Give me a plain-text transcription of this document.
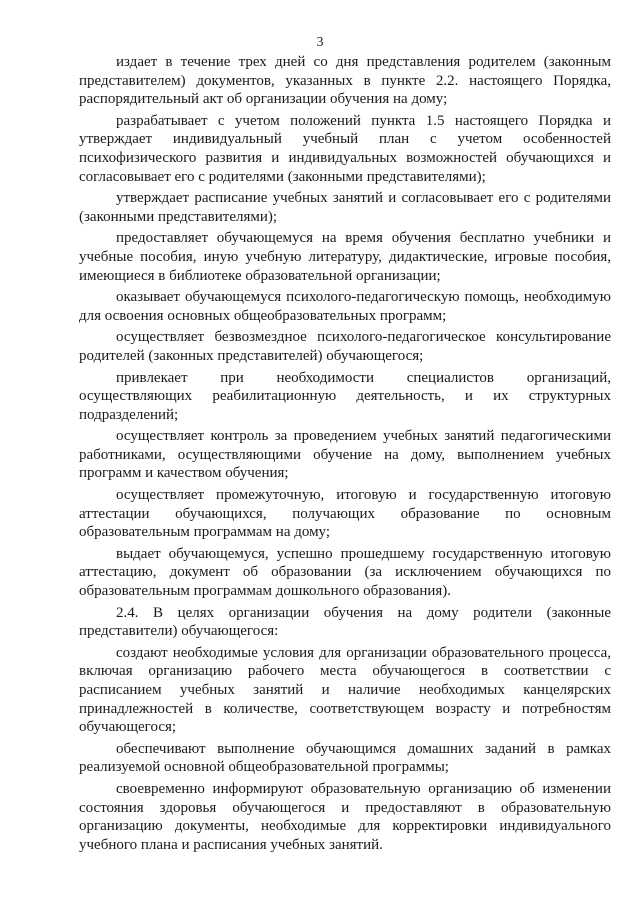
3

издает в течение трех дней со дня представления родителем (законным представителем) документов, указанных в пункте 2.2. настоящего Порядка, распорядительный акт об организации обучения на дому;

разрабатывает с учетом положений пункта 1.5 настоящего Порядка и утверждает индивидуальный учебный план с учетом особенностей психофизического развития и индивидуальных возможностей обучающихся и согласовывает его с родителями (законными представителями);

утверждает расписание учебных занятий и согласовывает его с родителями (законными представителями);

предоставляет обучающемуся на время обучения бесплатно учебники и учебные пособия, иную учебную литературу, дидактические, игровые пособия, имеющиеся в библиотеке образовательной организации;

оказывает обучающемуся психолого-педагогическую помощь, необходимую для освоения основных общеобразовательных программ;

осуществляет безвозмездное психолого-педагогическое консультирование родителей (законных представителей) обучающегося;

привлекает при необходимости специалистов организаций, осуществляющих реабилитационную деятельность, и их структурных подразделений;

осуществляет контроль за проведением учебных занятий педагогическими работниками, осуществляющими обучение на дому, выполнением учебных программ и качеством обучения;

осуществляет промежуточную, итоговую и государственную итоговую аттестации обучающихся, получающих образование по основным образовательным программам на дому;

выдает обучающемуся, успешно прошедшему государственную итоговую аттестацию, документ об образовании (за исключением обучающихся по образовательным программам дошкольного образования).

2.4. В целях организации обучения на дому родители (законные представители) обучающегося:

создают необходимые условия для организации образовательного процесса, включая организацию рабочего места обучающегося в соответствии с расписанием учебных занятий и наличие необходимых канцелярских принадлежностей в количестве, соответствующем возрасту и потребностям обучающегося;

обеспечивают выполнение обучающимся домашних заданий в рамках реализуемой основной общеобразовательной программы;

своевременно информируют образовательную организацию об изменении состояния здоровья обучающегося и предоставляют в образовательную организацию документы, необходимые для корректировки индивидуального учебного плана и расписания учебных занятий.
